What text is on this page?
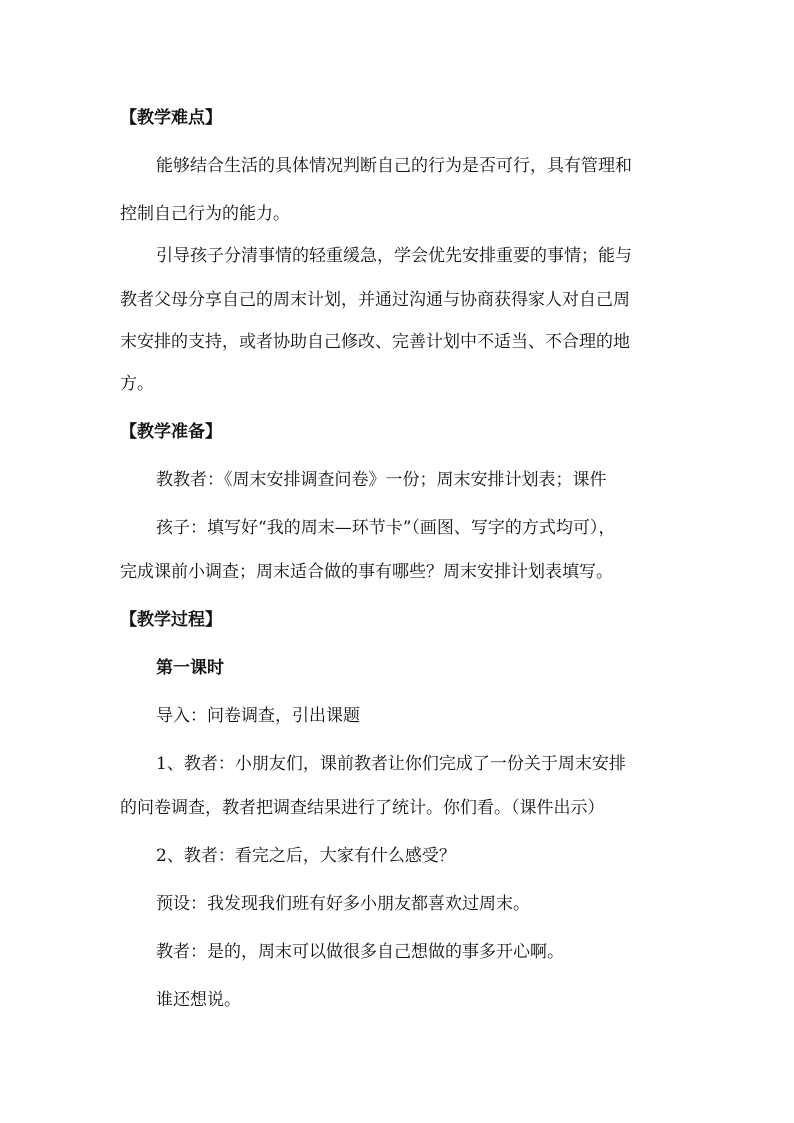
【教学难点】
能够结合生活的具体情况判断自己的行为是否可行，具有管理和
控制自己行为的能力。
引导孩子分清事情的轻重缓急，学会优先安排重要的事情；能与
教者父母分享自己的周末计划，并通过沟通与协商获得家人对自己周
末安排的支持，或者协助自己修改、完善计划中不适当、不合理的地
方。
【教学准备】
教教者：《周末安排调查问卷》一份；周末安排计划表；课件
孩子：填写好“我的周末—环节卡”（画图、写字的方式均可），
完成课前小调查；周末适合做的事有哪些？周末安排计划表填写。
【教学过程】
第一课时
导入：问卷调查，引出课题
1、教者：小朋友们，课前教者让你们完成了一份关于周末安排
的问卷调查，教者把调查结果进行了统计。你们看。（课件出示）
2、教者：看完之后，大家有什么感受？
预设：我发现我们班有好多小朋友都喜欢过周末。
教者：是的，周末可以做很多自己想做的事多开心啊。
谁还想说。
